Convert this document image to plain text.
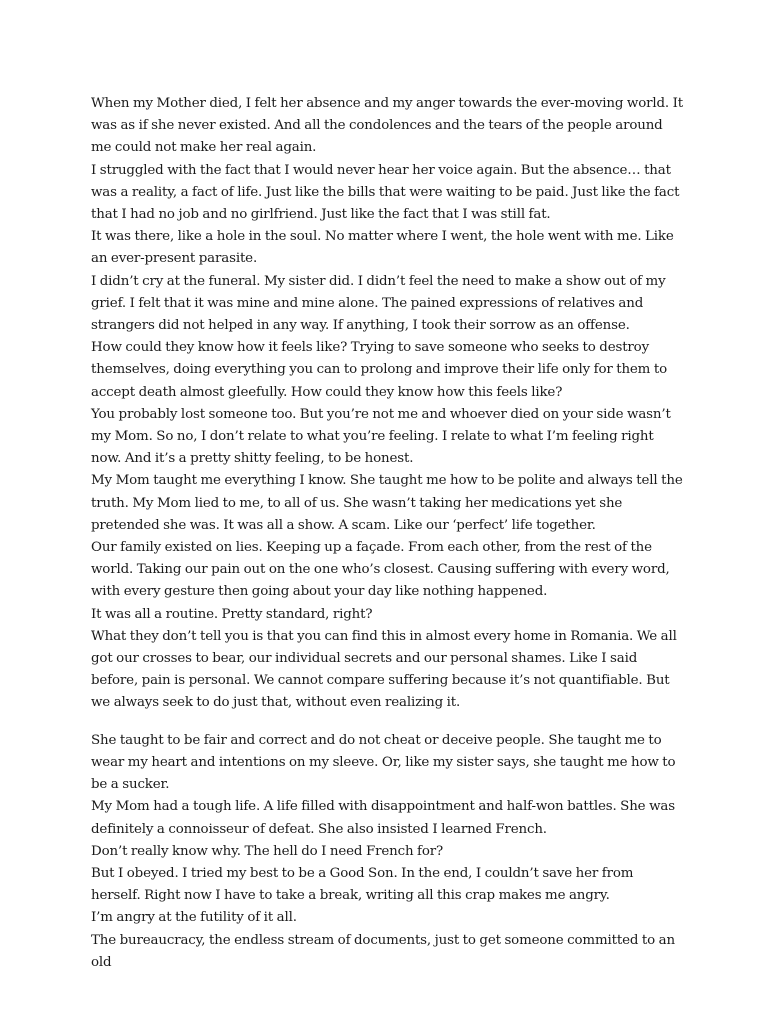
When my Mother died, I felt her absence and my anger towards the ever-moving world. It was as if she never existed. And all the condolences and the tears of the people around me could not make her real again.

I struggled with the fact that I would never hear her voice again. But the absence… that was a reality, a fact of life. Just like the bills that were waiting to be paid. Just like the fact that I had no job and no girlfriend. Just like the fact that I was still fat.

It was there, like a hole in the soul. No matter where I went, the hole went with me. Like an ever-present parasite.

I didn’t cry at the funeral. My sister did. I didn’t feel the need to make a show out of my grief. I felt that it was mine and mine alone. The pained expressions of relatives and strangers did not helped in any way. If anything, I took their sorrow as an offense.

How could they know how it feels like? Trying to save someone who seeks to destroy themselves, doing everything you can to prolong and improve their life only for them to accept death almost gleefully. How could they know how this feels like?

You probably lost someone too. But you’re not me and whoever died on your side wasn’t my Mom. So no, I don’t relate to what you’re feeling. I relate to what I’m feeling right now. And it’s a pretty shitty feeling, to be honest.

My Mom taught me everything I know. She taught me how to be polite and always tell the truth. My Mom lied to me, to all of us. She wasn’t taking her medications yet she pretended she was. It was all a show. A scam. Like our ‘perfect’ life together.

Our family existed on lies. Keeping up a façade. From each other, from the rest of the world. Taking our pain out on the one who’s closest. Causing suffering with every word, with every gesture then going about your day like nothing happened.

It was all a routine. Pretty standard, right?

What they don’t tell you is that you can find this in almost every home in Romania. We all got our crosses to bear, our individual secrets and our personal shames. Like I said before, pain is personal. We cannot compare suffering because it’s not quantifiable. But we always seek to do just that, without even realizing it.

She taught to be fair and correct and do not cheat or deceive people. She taught me to wear my heart and intentions on my sleeve. Or, like my sister says, she taught me how to be a sucker.

My Mom had a tough life. A life filled with disappointment and half-won battles. She was definitely a connoisseur of defeat. She also insisted I learned French.

Don’t really know why. The hell do I need French for?

But I obeyed. I tried my best to be a Good Son. In the end, I couldn’t save her from herself. Right now I have to take a break, writing all this crap makes me angry.

I’m angry at the futility of it all.

The bureaucracy, the endless stream of documents, just to get someone committed to an old
